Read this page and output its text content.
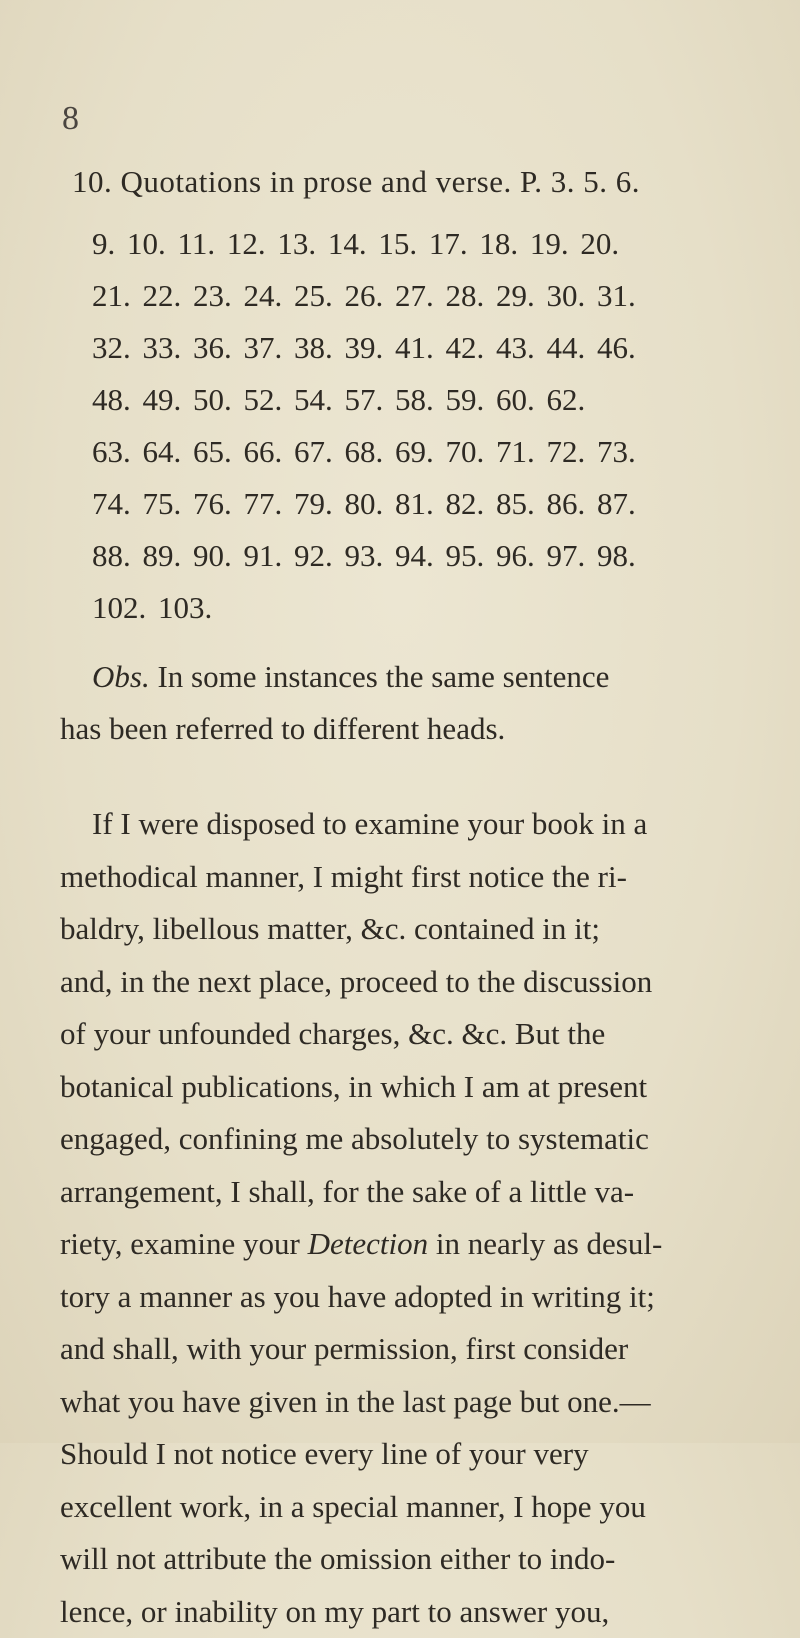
8
10. Quotations in prose and verse. P. 3. 5. 6.
9. 10. 11. 12. 13. 14. 15. 17. 18. 19. 20.
21. 22. 23. 24. 25. 26. 27. 28. 29. 30. 31.
32. 33. 36. 37. 38. 39. 41. 42. 43. 44. 46.
48. 49. 50. 52. 54. 57. 58. 59. 60. 62.
63. 64. 65. 66. 67. 68. 69. 70. 71. 72. 73.
74. 75. 76. 77. 79. 80. 81. 82. 85. 86. 87.
88. 89. 90. 91. 92. 93. 94. 95. 96. 97. 98.
102. 103.
Obs. In some instances the same sentence
has been referred to different heads.
If I were disposed to examine your book in a
methodical manner, I might first notice the ri-
baldry, libellous matter, &c. contained in it;
and, in the next place, proceed to the discussion
of your unfounded charges, &c. &c. But the
botanical publications, in which I am at present
engaged, confining me absolutely to systematic
arrangement, I shall, for the sake of a little va-
riety, examine your Detection in nearly as desul-
tory a manner as you have adopted in writing it;
and shall, with your permission, first consider
what you have given in the last page but one.—
Should I not notice every line of your very
excellent work, in a special manner, I hope you
will not attribute the omission either to indo-
lence, or inability on my part to answer you,
